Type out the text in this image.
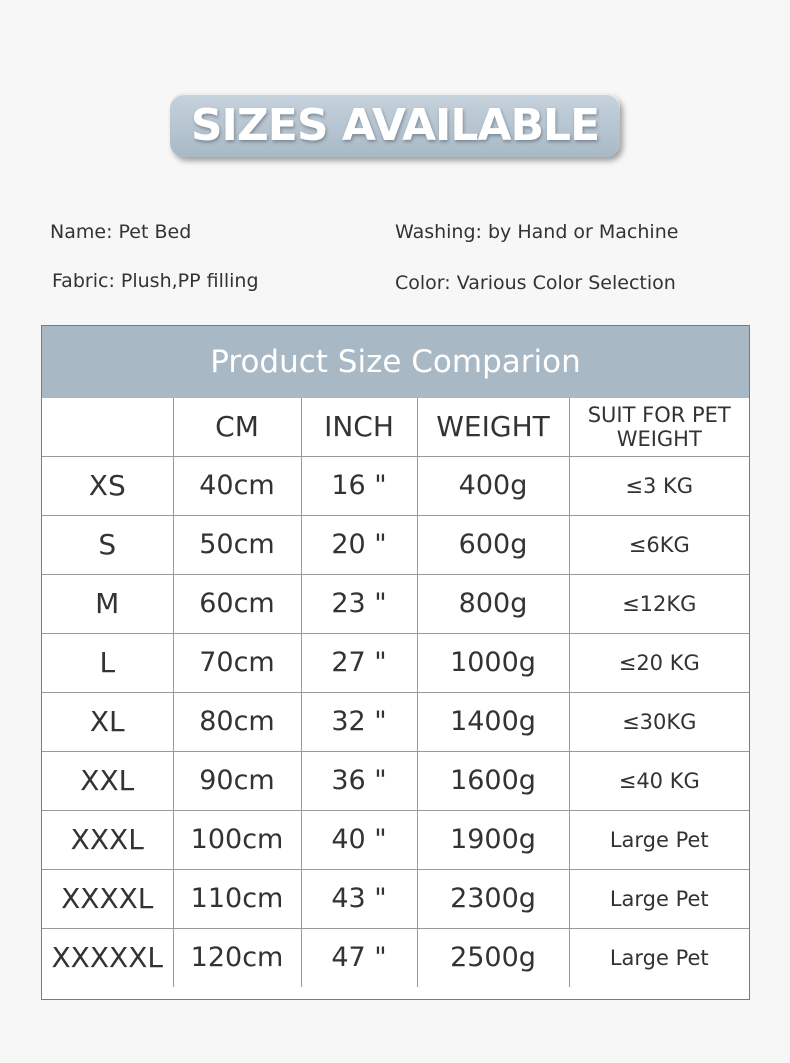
SIZES AVAILABLE
Name : Pet Bed	Washing : by Hand or Machine
Fabric : Plush,PP filling	Color : Various Color Selection
Product Size Comparion
	CM	INCH	WEIGHT	SUIT FOR PET WEIGHT
XS	40cm	16 "	400g	≤3 KG
S	50cm	20 "	600g	≤6KG
M	60cm	23 "	800g	≤12KG
L	70cm	27 "	1000g	≤20 KG
XL	80cm	32 "	1400g	≤30KG
XXL	90cm	36 "	1600g	≤40 KG
XXXL	100cm	40 "	1900g	Large Pet
XXXXL	110cm	43 "	2300g	Large Pet
XXXXXL	120cm	47 "	2500g	Large Pet
